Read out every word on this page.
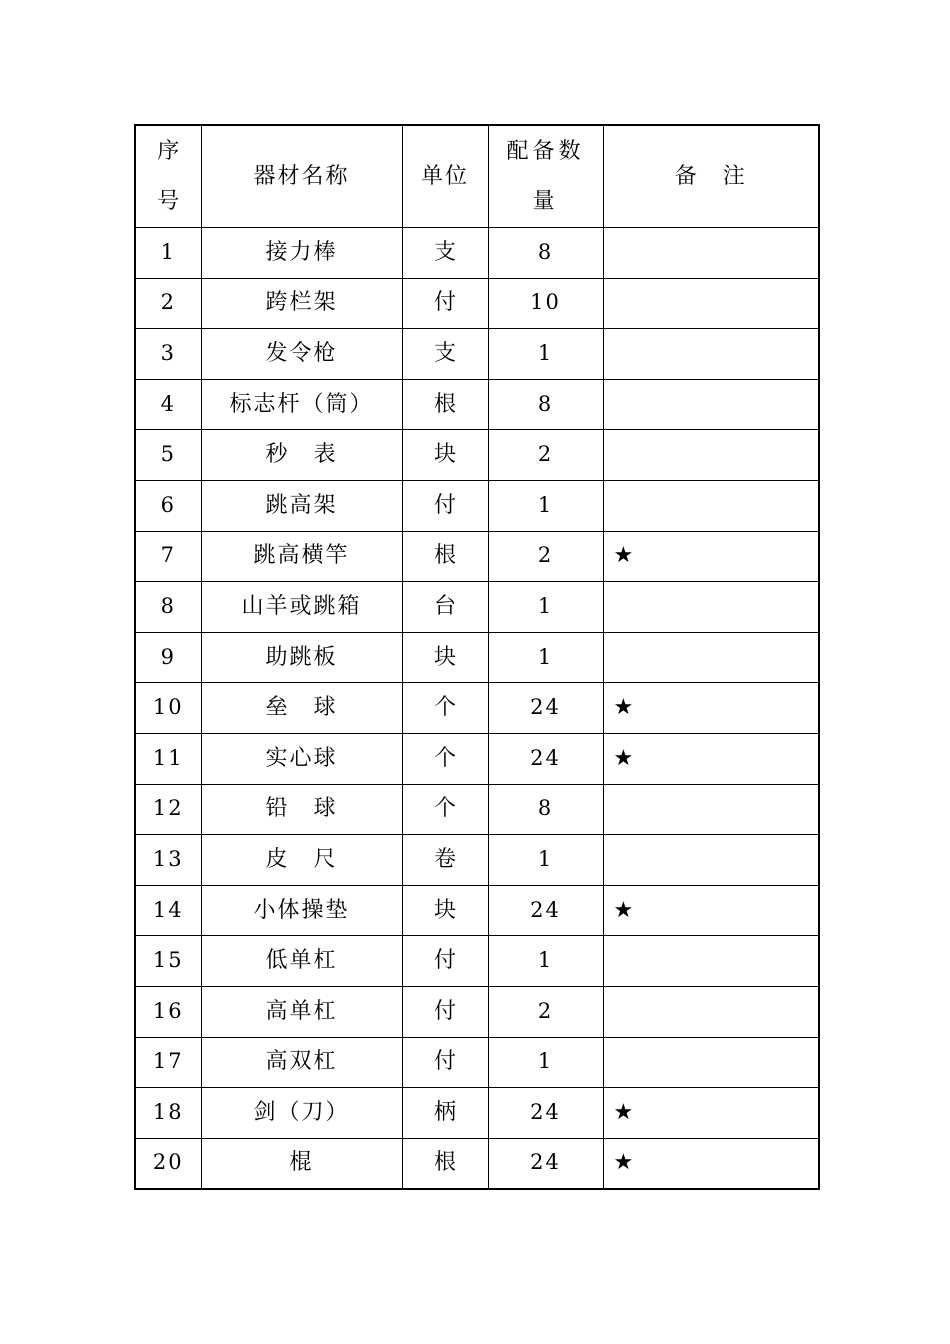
序号	器材名称	单位	配备数量	备　注
1	接力棒	支	8	
2	跨栏架	付	10	
3	发令枪	支	1	
4	标志杆（筒）	根	8	
5	秒　表	块	2	
6	跳高架	付	1	
7	跳高横竿	根	2	★
8	山羊或跳箱	台	1	
9	助跳板	块	1	
10	垒　球	个	24	★
11	实心球	个	24	★
12	铅　球	个	8	
13	皮　尺	卷	1	
14	小体操垫	块	24	★
15	低单杠	付	1	
16	高单杠	付	2	
17	高双杠	付	1	
18	剑（刀）	柄	24	★
20	棍	根	24	★
